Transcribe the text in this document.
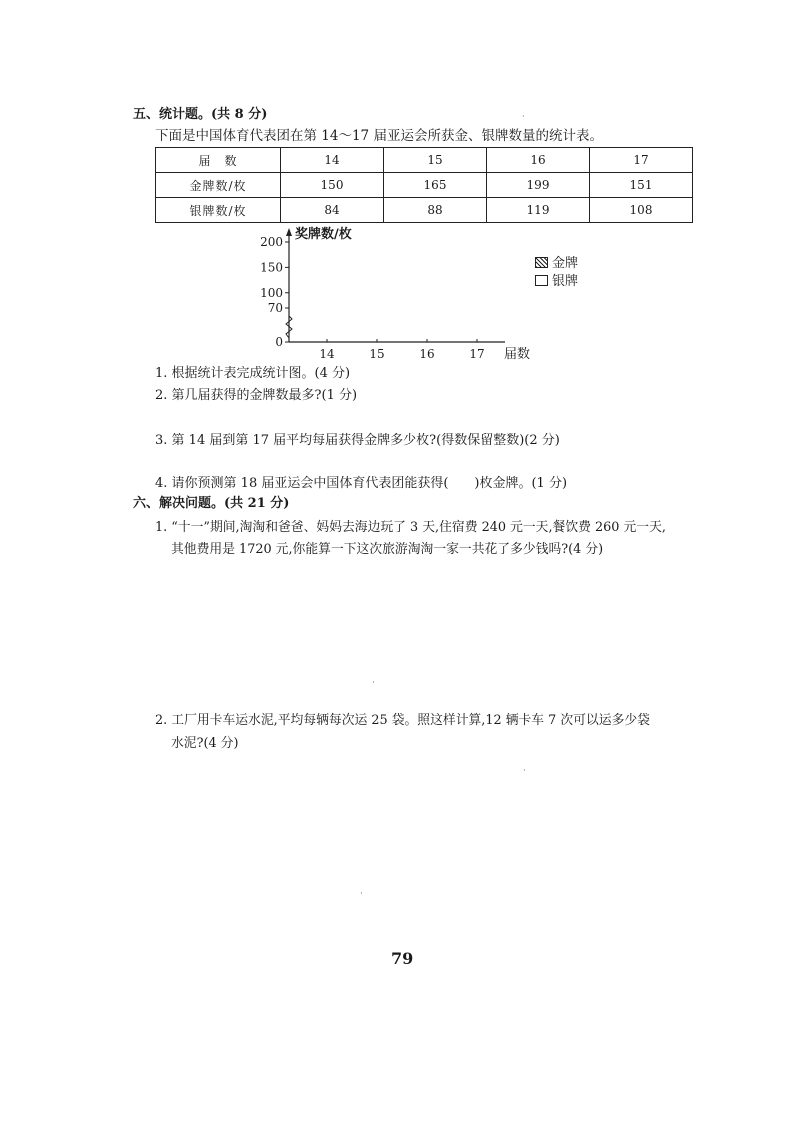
五、统计题。(共 8 分)
下面是中国体育代表团在第 14～17 届亚运会所获金、银牌数量的统计表。
届　数	14	15	16	17
金牌数/枚	150	165	199	151
银牌数/枚	84	88	119	108
200
150
100
70
0
奖牌数/枚
14	15	16	17 届数
金牌
银牌
1. 根据统计表完成统计图。(4 分)
2. 第几届获得的金牌数最多?(1 分)
3. 第 14 届到第 17 届平均每届获得金牌多少枚?(得数保留整数)(2 分)
4. 请你预测第 18 届亚运会中国体育代表团能获得(　　)枚金牌。(1 分)
六、解决问题。(共 21 分)
1. “十一”期间,淘淘和爸爸、妈妈去海边玩了 3 天,住宿费 240 元一天,餐饮费 260 元一天,
其他费用是 1720 元,你能算一下这次旅游淘淘一家一共花了多少钱吗?(4 分)
2. 工厂用卡车运水泥,平均每辆每次运 25 袋。照这样计算,12 辆卡车 7 次可以运多少袋
水泥?(4 分)
79
·
·
·
·
